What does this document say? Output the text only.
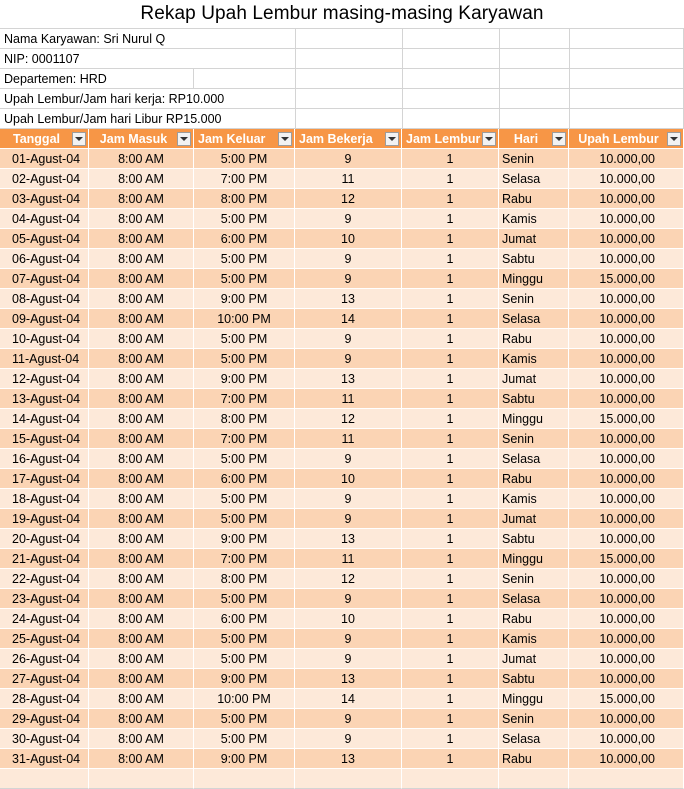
Rekap Upah Lembur masing-masing Karyawan
Nama Karyawan: Sri Nurul Q
NIP: 0001107
Departemen: HRD
Upah Lembur/Jam hari kerja: RP10.000
Upah Lembur/Jam hari Libur RP15.000
Tanggal	Jam Masuk	Jam Keluar	Jam Bekerja	Jam Lembur	Hari	Upah Lembur
01-Agust-04	8:00 AM	5:00 PM	9	1	Senin	10.000,00
02-Agust-04	8:00 AM	7:00 PM	11	1	Selasa	10.000,00
03-Agust-04	8:00 AM	8:00 PM	12	1	Rabu	10.000,00
04-Agust-04	8:00 AM	5:00 PM	9	1	Kamis	10.000,00
05-Agust-04	8:00 AM	6:00 PM	10	1	Jumat	10.000,00
06-Agust-04	8:00 AM	5:00 PM	9	1	Sabtu	10.000,00
07-Agust-04	8:00 AM	5:00 PM	9	1	Minggu	15.000,00
08-Agust-04	8:00 AM	9:00 PM	13	1	Senin	10.000,00
09-Agust-04	8:00 AM	10:00 PM	14	1	Selasa	10.000,00
10-Agust-04	8:00 AM	5:00 PM	9	1	Rabu	10.000,00
11-Agust-04	8:00 AM	5:00 PM	9	1	Kamis	10.000,00
12-Agust-04	8:00 AM	9:00 PM	13	1	Jumat	10.000,00
13-Agust-04	8:00 AM	7:00 PM	11	1	Sabtu	10.000,00
14-Agust-04	8:00 AM	8:00 PM	12	1	Minggu	15.000,00
15-Agust-04	8:00 AM	7:00 PM	11	1	Senin	10.000,00
16-Agust-04	8:00 AM	5:00 PM	9	1	Selasa	10.000,00
17-Agust-04	8:00 AM	6:00 PM	10	1	Rabu	10.000,00
18-Agust-04	8:00 AM	5:00 PM	9	1	Kamis	10.000,00
19-Agust-04	8:00 AM	5:00 PM	9	1	Jumat	10.000,00
20-Agust-04	8:00 AM	9:00 PM	13	1	Sabtu	10.000,00
21-Agust-04	8:00 AM	7:00 PM	11	1	Minggu	15.000,00
22-Agust-04	8:00 AM	8:00 PM	12	1	Senin	10.000,00
23-Agust-04	8:00 AM	5:00 PM	9	1	Selasa	10.000,00
24-Agust-04	8:00 AM	6:00 PM	10	1	Rabu	10.000,00
25-Agust-04	8:00 AM	5:00 PM	9	1	Kamis	10.000,00
26-Agust-04	8:00 AM	5:00 PM	9	1	Jumat	10.000,00
27-Agust-04	8:00 AM	9:00 PM	13	1	Sabtu	10.000,00
28-Agust-04	8:00 AM	10:00 PM	14	1	Minggu	15.000,00
29-Agust-04	8:00 AM	5:00 PM	9	1	Senin	10.000,00
30-Agust-04	8:00 AM	5:00 PM	9	1	Selasa	10.000,00
31-Agust-04	8:00 AM	9:00 PM	13	1	Rabu	10.000,00
